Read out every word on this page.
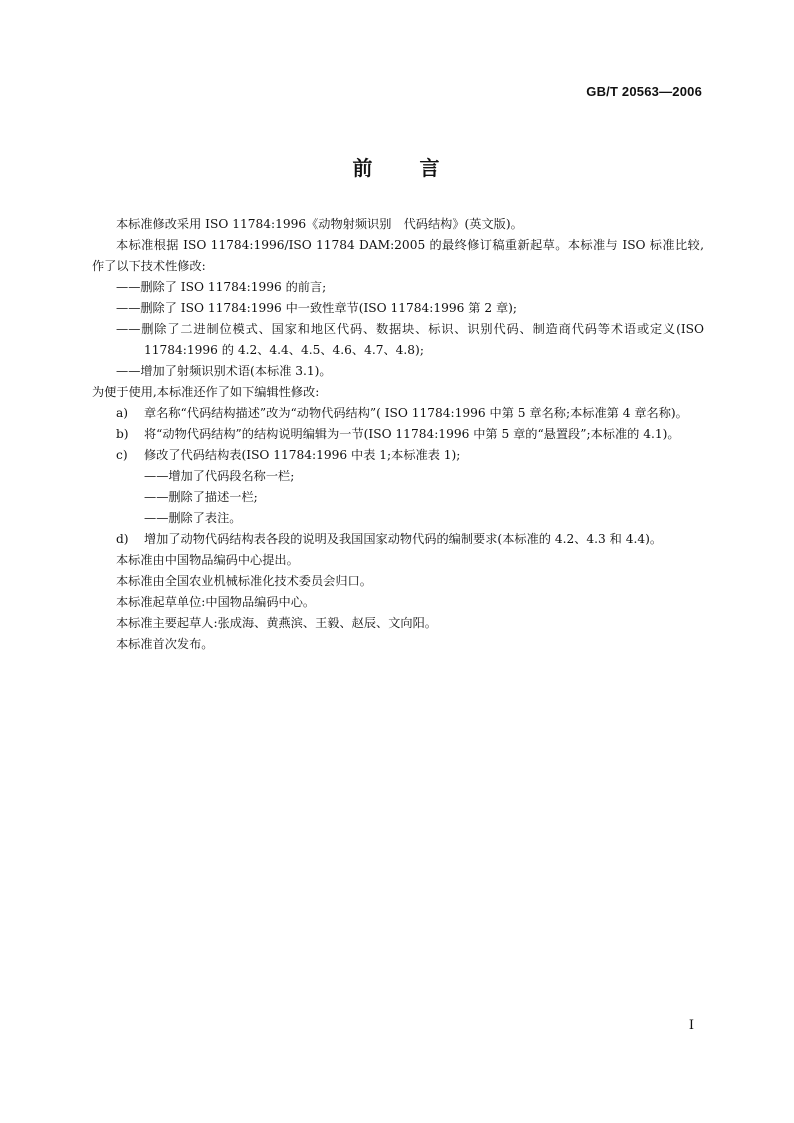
GB/T 20563—2006
前 言

本标准修改采用 ISO 11784:1996《动物射频识别　代码结构》(英文版)。

本标准根据 ISO 11784:1996/ISO 11784 DAM:2005 的最终修订稿重新起草。本标准与 ISO 标准比较,作了以下技术性修改:

——删除了 ISO 11784:1996 的前言;

——删除了 ISO 11784:1996 中一致性章节(ISO 11784:1996 第 2 章);

——删除了二进制位模式、国家和地区代码、数据块、标识、识别代码、制造商代码等术语或定义(ISO 11784:1996 的 4.2、4.4、4.5、4.6、4.7、4.8);

——增加了射频识别术语(本标准 3.1)。

为便于使用,本标准还作了如下编辑性修改:

a) 章名称“代码结构描述”改为“动物代码结构”( ISO 11784:1996 中第 5 章名称;本标准第 4 章名称)。

b) 将“动物代码结构”的结构说明编辑为一节(ISO 11784:1996 中第 5 章的“悬置段”;本标准的 4.1)。

c) 修改了代码结构表(ISO 11784:1996 中表 1;本标准表 1);

——增加了代码段名称一栏;

——删除了描述一栏;

——删除了表注。

d) 增加了动物代码结构表各段的说明及我国国家动物代码的编制要求(本标准的 4.2、4.3 和 4.4)。

本标准由中国物品编码中心提出。

本标准由全国农业机械标准化技术委员会归口。

本标准起草单位:中国物品编码中心。

本标准主要起草人:张成海、黄燕滨、王毅、赵辰、文向阳。

本标准首次发布。

I
